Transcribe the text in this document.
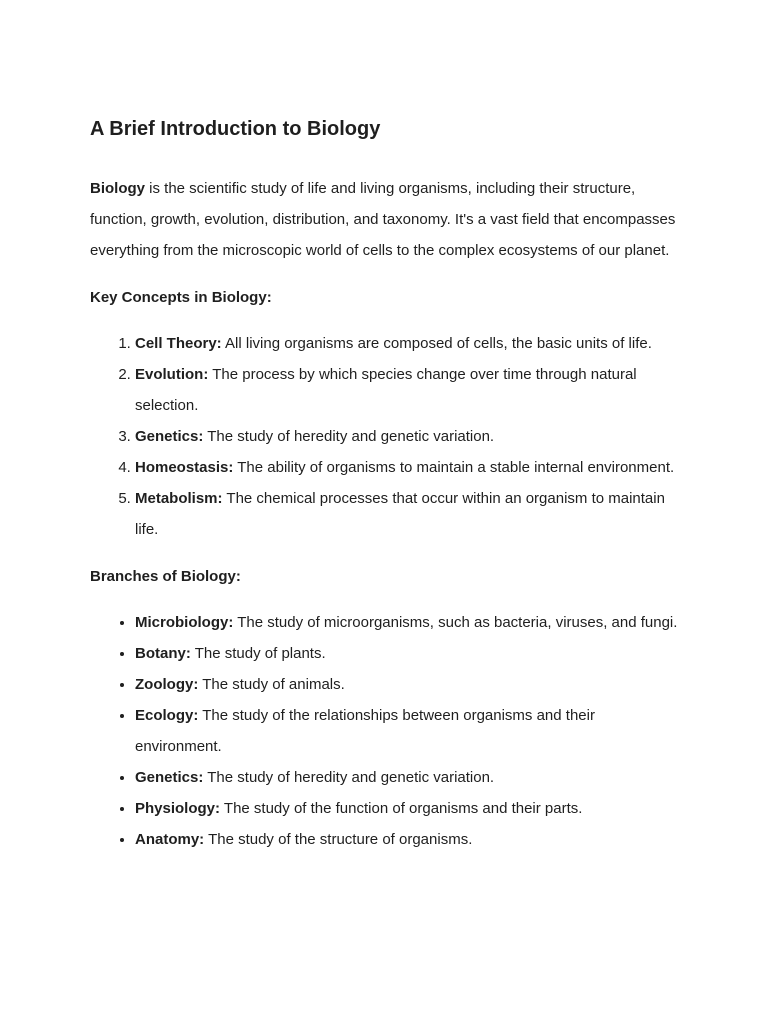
A Brief Introduction to Biology

Biology is the scientific study of life and living organisms, including their structure, function, growth, evolution, distribution, and taxonomy. It's a vast field that encompasses everything from the microscopic world of cells to the complex ecosystems of our planet.

Key Concepts in Biology:

1. Cell Theory: All living organisms are composed of cells, the basic units of life.
2. Evolution: The process by which species change over time through natural selection.
3. Genetics: The study of heredity and genetic variation.
4. Homeostasis: The ability of organisms to maintain a stable internal environment.
5. Metabolism: The chemical processes that occur within an organism to maintain life.

Branches of Biology:

• Microbiology: The study of microorganisms, such as bacteria, viruses, and fungi.
• Botany: The study of plants.
• Zoology: The study of animals.
• Ecology: The study of the relationships between organisms and their environment.
• Genetics: The study of heredity and genetic variation.
• Physiology: The study of the function of organisms and their parts.
• Anatomy: The study of the structure of organisms.
